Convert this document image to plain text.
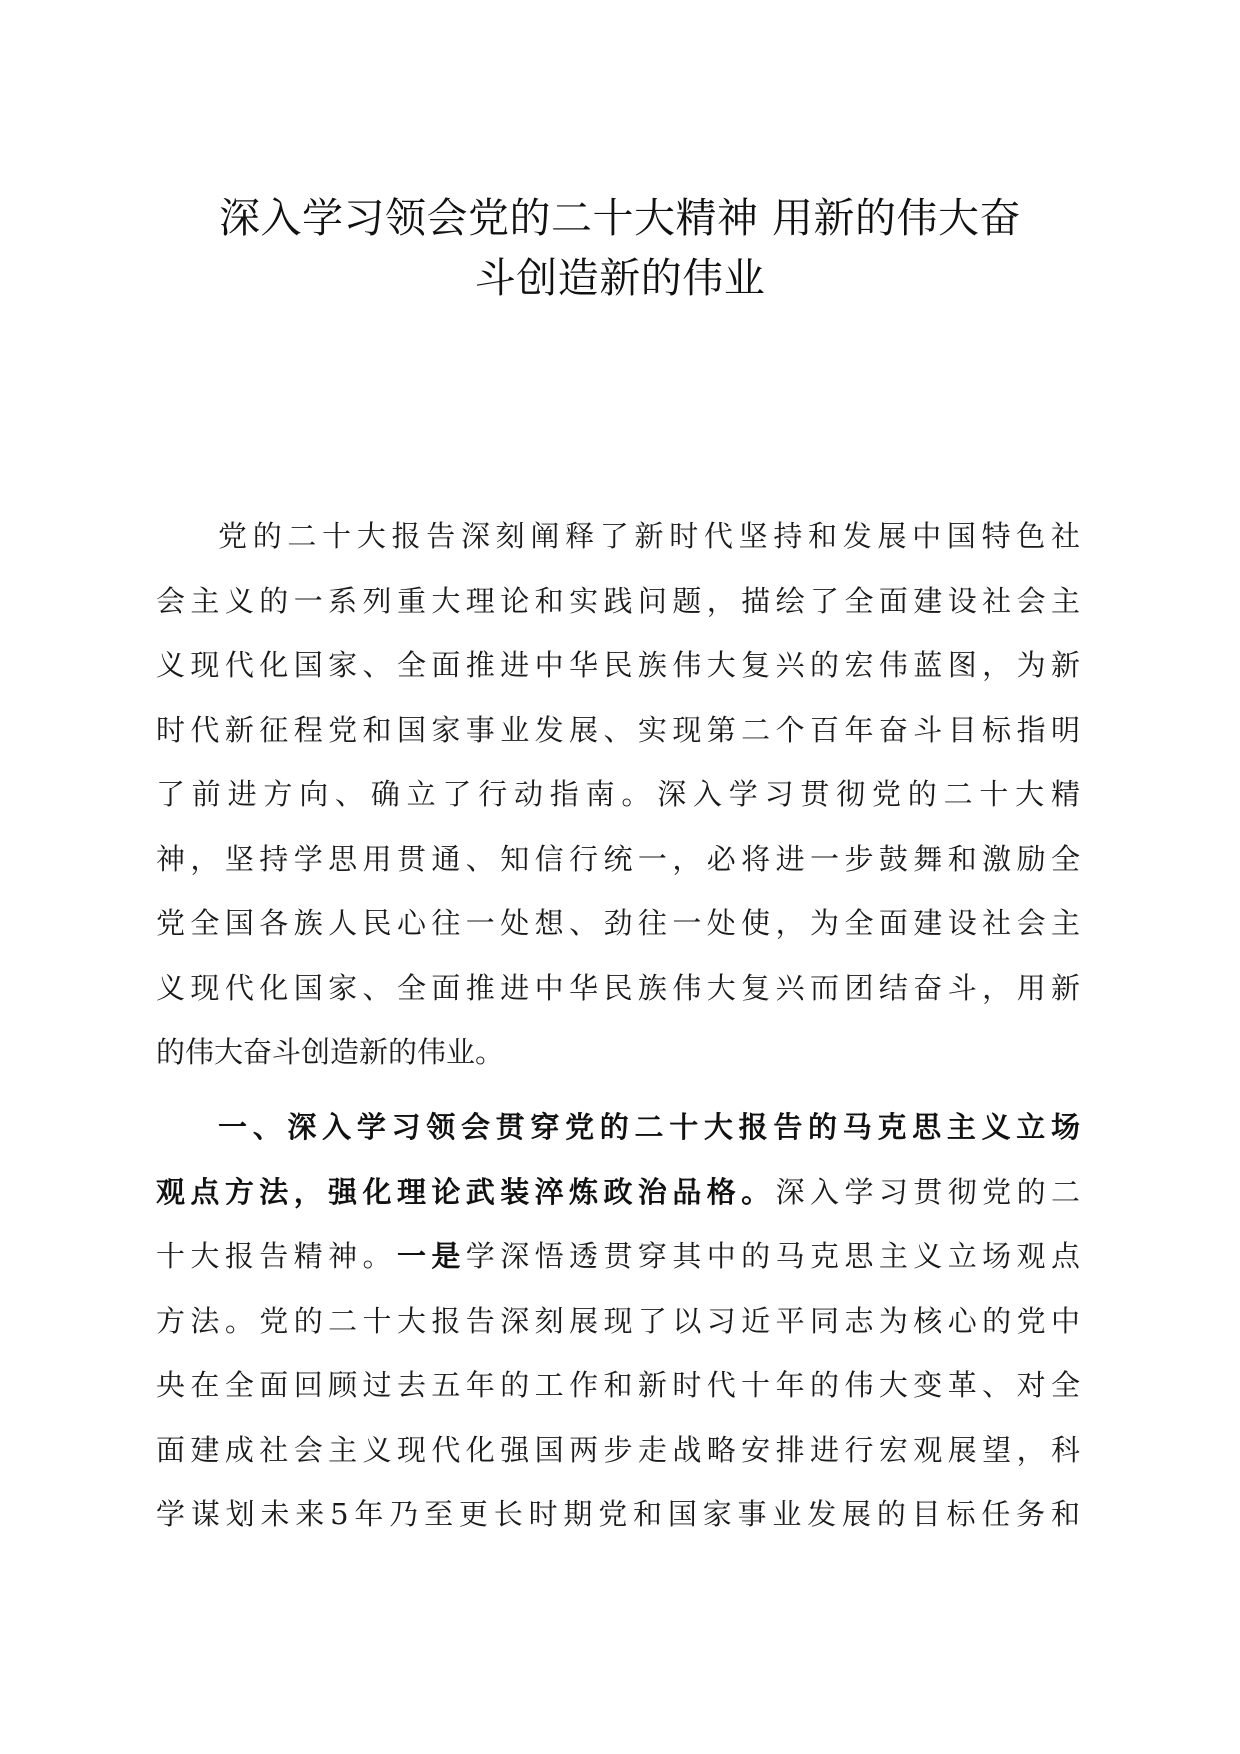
深入学习领会党的二十大精神 用新的伟大奋
斗创造新的伟业
党的二十大报告深刻阐释了新时代坚持和发展中国特色社
会主义的一系列重大理论和实践问题，描绘了全面建设社会主
义现代化国家、全面推进中华民族伟大复兴的宏伟蓝图，为新
时代新征程党和国家事业发展、实现第二个百年奋斗目标指明
了前进方向、确立了行动指南。深入学习贯彻党的二十大精
神，坚持学思用贯通、知信行统一，必将进一步鼓舞和激励全
党全国各族人民心往一处想、劲往一处使，为全面建设社会主
义现代化国家、全面推进中华民族伟大复兴而团结奋斗，用新
的伟大奋斗创造新的伟业。
一、深入学习领会贯穿党的二十大报告的马克思主义立场
观点方法，强化理论武装淬炼政治品格。深入学习贯彻党的二
十大报告精神。一是学深悟透贯穿其中的马克思主义立场观点
方法。党的二十大报告深刻展现了以习近平同志为核心的党中
央在全面回顾过去五年的工作和新时代十年的伟大变革、对全
面建成社会主义现代化强国两步走战略安排进行宏观展望，科
学谋划未来5年乃至更长时期党和国家事业发展的目标任务和
